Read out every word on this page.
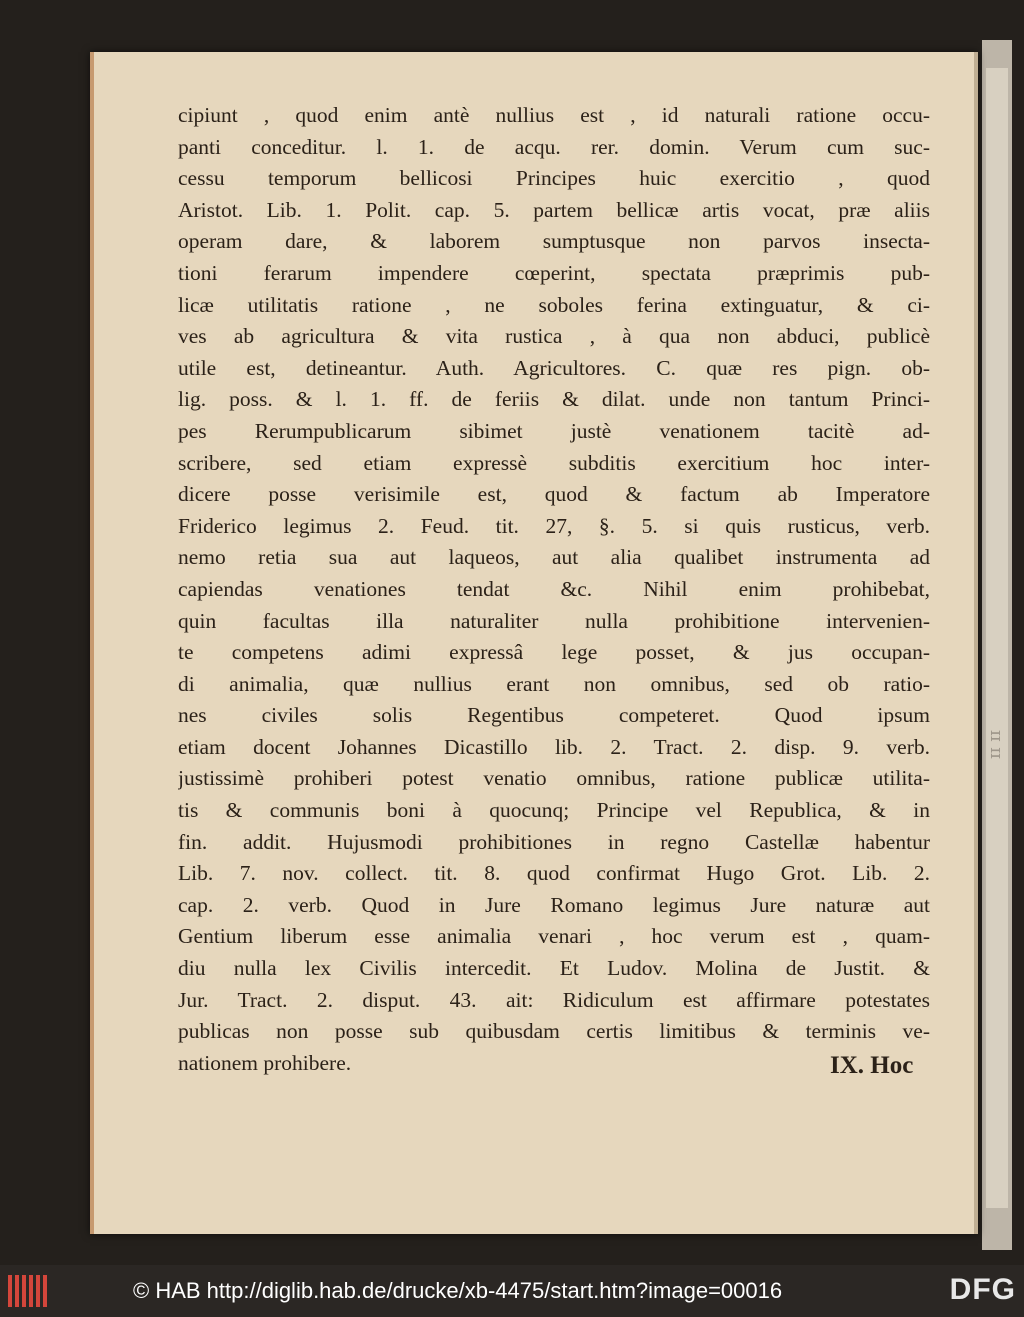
ɪɪ ɪɪ
cipiunt , quod enim antè nullius est , id naturali ratione occu-
panti conceditur. l. 1. de acqu. rer. domin. Verum cum suc-
cessu temporum bellicosi Principes huic exercitio , quod
Aristot. Lib. 1. Polit. cap. 5. partem bellicæ artis vocat, præ aliis
operam dare, & laborem sumptusque non parvos insecta-
tioni ferarum impendere cœperint, spectata præprimis pub-
licæ utilitatis ratione , ne soboles ferina extinguatur, & ci-
ves ab agricultura & vita rustica , à qua non abduci, publicè
utile est, detineantur. Auth. Agricultores. C. quæ res pign. ob-
lig. poss. & l. 1. ff. de feriis & dilat. unde non tantum Princi-
pes Rerumpublicarum sibimet justè venationem tacitè ad-
scribere, sed etiam expressè subditis exercitium hoc inter-
dicere posse verisimile est, quod & factum ab Imperatore
Friderico legimus 2. Feud. tit. 27, §. 5. si quis rusticus, verb.
nemo retia sua aut laqueos, aut alia qualibet instrumenta ad
capiendas venationes tendat &c. Nihil enim prohibebat,
quin facultas illa naturaliter nulla prohibitione intervenien-
te competens adimi expressâ lege posset, & jus occupan-
di animalia, quæ nullius erant non omnibus, sed ob ratio-
nes civiles solis Regentibus competeret. Quod ipsum
etiam docent Johannes Dicastillo lib. 2. Tract. 2. disp. 9. verb.
justissimè prohiberi potest venatio omnibus, ratione publicæ utilita-
tis & communis boni à quocunq; Principe vel Republica, & in
fin. addit. Hujusmodi prohibitiones in regno Castellæ habentur
Lib. 7. nov. collect. tit. 8. quod confirmat Hugo Grot. Lib. 2.
cap. 2. verb. Quod in Jure Romano legimus Jure naturæ aut
Gentium liberum esse animalia venari , hoc verum est , quam-
diu nulla lex Civilis intercedit. Et Ludov. Molina de Justit. &
Jur. Tract. 2. disput. 43. ait: Ridiculum est affirmare potestates
publicas non posse sub quibusdam certis limitibus & terminis ve-
nationem prohibere.	IX. Hoc
© HAB http://diglib.hab.de/drucke/xb-4475/start.htm?image=00016	DFG
